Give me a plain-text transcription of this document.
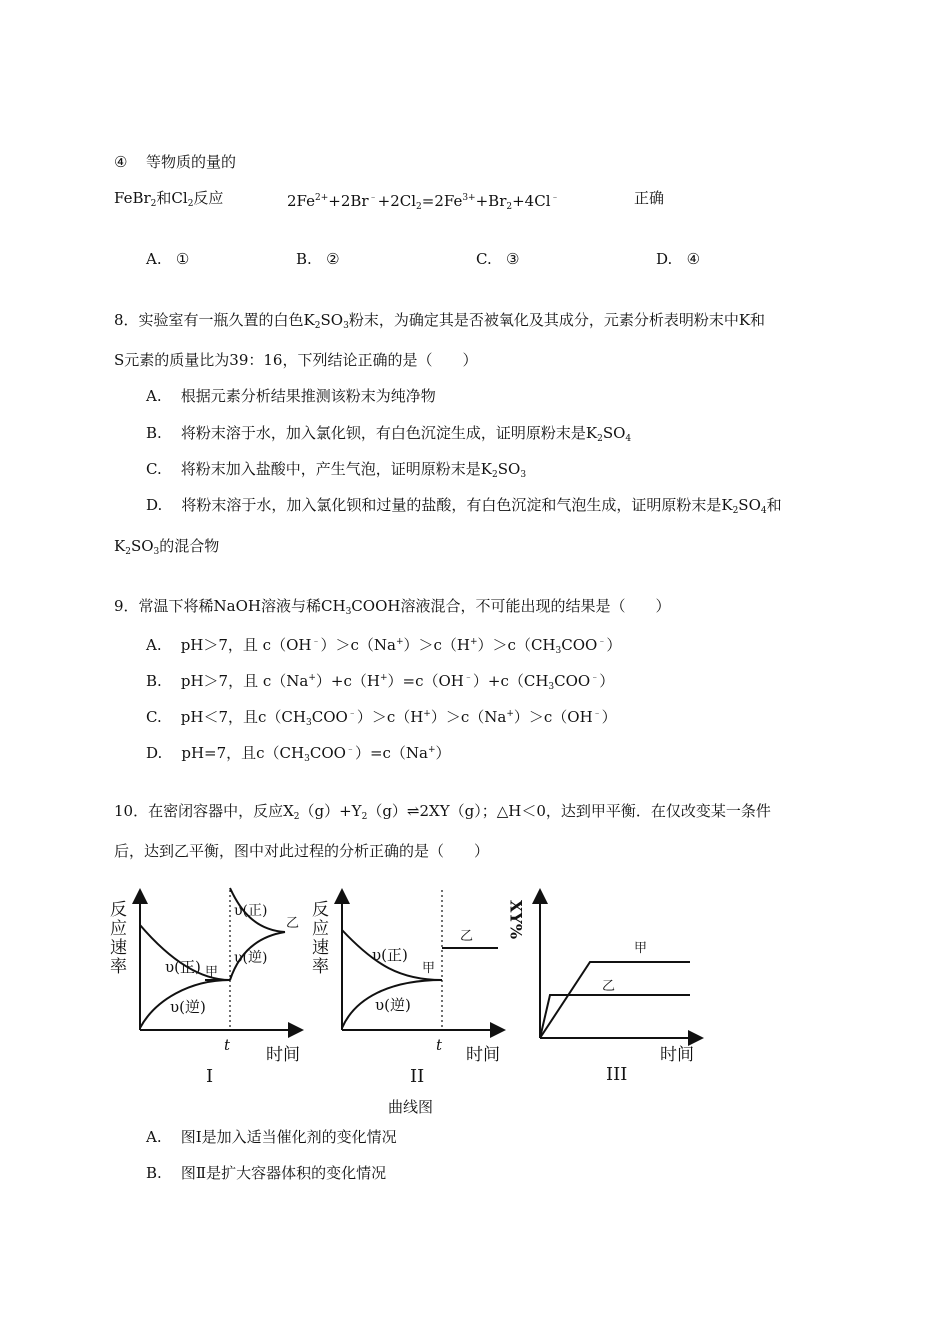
④ 等物质的量的
FeBr$_2$和$Cl_2$反应	$2Fe^{2+}+2Br^﹣+2Cl_2=2Fe^{3+}+Br_2+4Cl^﹣$	正确
A. ①	B. ②	C. ③	D. ④
8．实验室有一瓶久置的白色$K_2SO_3$粉末，为确定其是否被氧化及其成分，元素分析表明粉末中K和
S元素的质量比为39：16，下列结论正确的是（　　）
A. 根据元素分析结果推测该粉末为纯净物
B. 将粉末溶于水，加入氯化钡，有白色沉淀生成，证明原粉末是$K_2SO_4$
C. 将粉末加入盐酸中，产生气泡，证明原粉末是$K_2SO_3$
D. 将粉末溶于水，加入氯化钡和过量的盐酸，有白色沉淀和气泡生成，证明原粉末是$K_2SO_4$和
$K_2SO_3$的混合物
9．常温下将稀NaOH溶液与稀$CH_3COOH$溶液混合，不可能出现的结果是（　　）
A. pH＞7，且 $c(OH^﹣)>c(Na^+)>c(H^+)>c(CH_3COO^﹣)$
B. pH＞7，且 $c(Na^+)+c(H^+)=c(OH^﹣)+c(CH_3COO^﹣)$
C. pH＜7，且$c(CH_3COO^﹣)>c(H^+)>c(Na^+)>c(OH^﹣)$
D. pH=7，且$c(CH_3COO^﹣)=c(Na^+)$
10．在密闭容器中，反应$X_2(g)+Y_2(g)\rightleftharpoons 2XY(g)$；△H＜0，达到甲平衡．在仅改变某一条件
后，达到乙平衡，图中对此过程的分析正确的是（　　）
反应速率	υ(正) 甲
υ(逆)
υ(正)
乙
υ(逆)
t 时间
I
反应速率	υ(正)
甲
υ(逆)
乙
t 时间
II
XY%
甲
乙
时间
III
曲线图
A. 图Ⅰ是加入适当催化剂的变化情况
B. 图Ⅱ是扩大容器体积的变化情况
